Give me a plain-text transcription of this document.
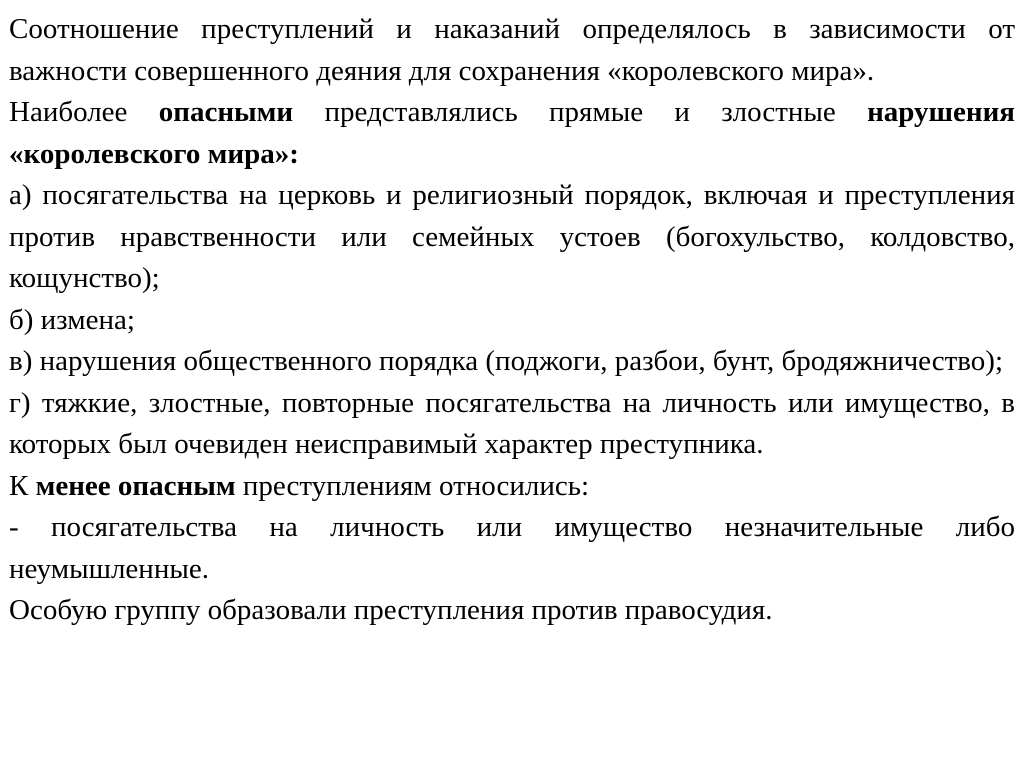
Соотношение преступлений и наказаний определялось в зависимости от важности совершенного деяния для сохранения «королевского мира».

Наиболее опасными представлялись прямые и злостные нарушения «королевского мира»:

а) посягательства на церковь и религиозный порядок, включая и преступления против нравственности или семейных устоев (богохульство, колдовство, кощунство);

б) измена;

в) нарушения общественного порядка (поджоги, разбои, бунт, бродяжничество);

г) тяжкие, злостные, повторные посягательства на личность или имущество, в которых был очевиден неисправимый характер преступника.

К менее опасным преступлениям относились:

- посягательства на личность или имущество незначительные либо неумышленные.

Особую группу образовали преступления против правосудия.
